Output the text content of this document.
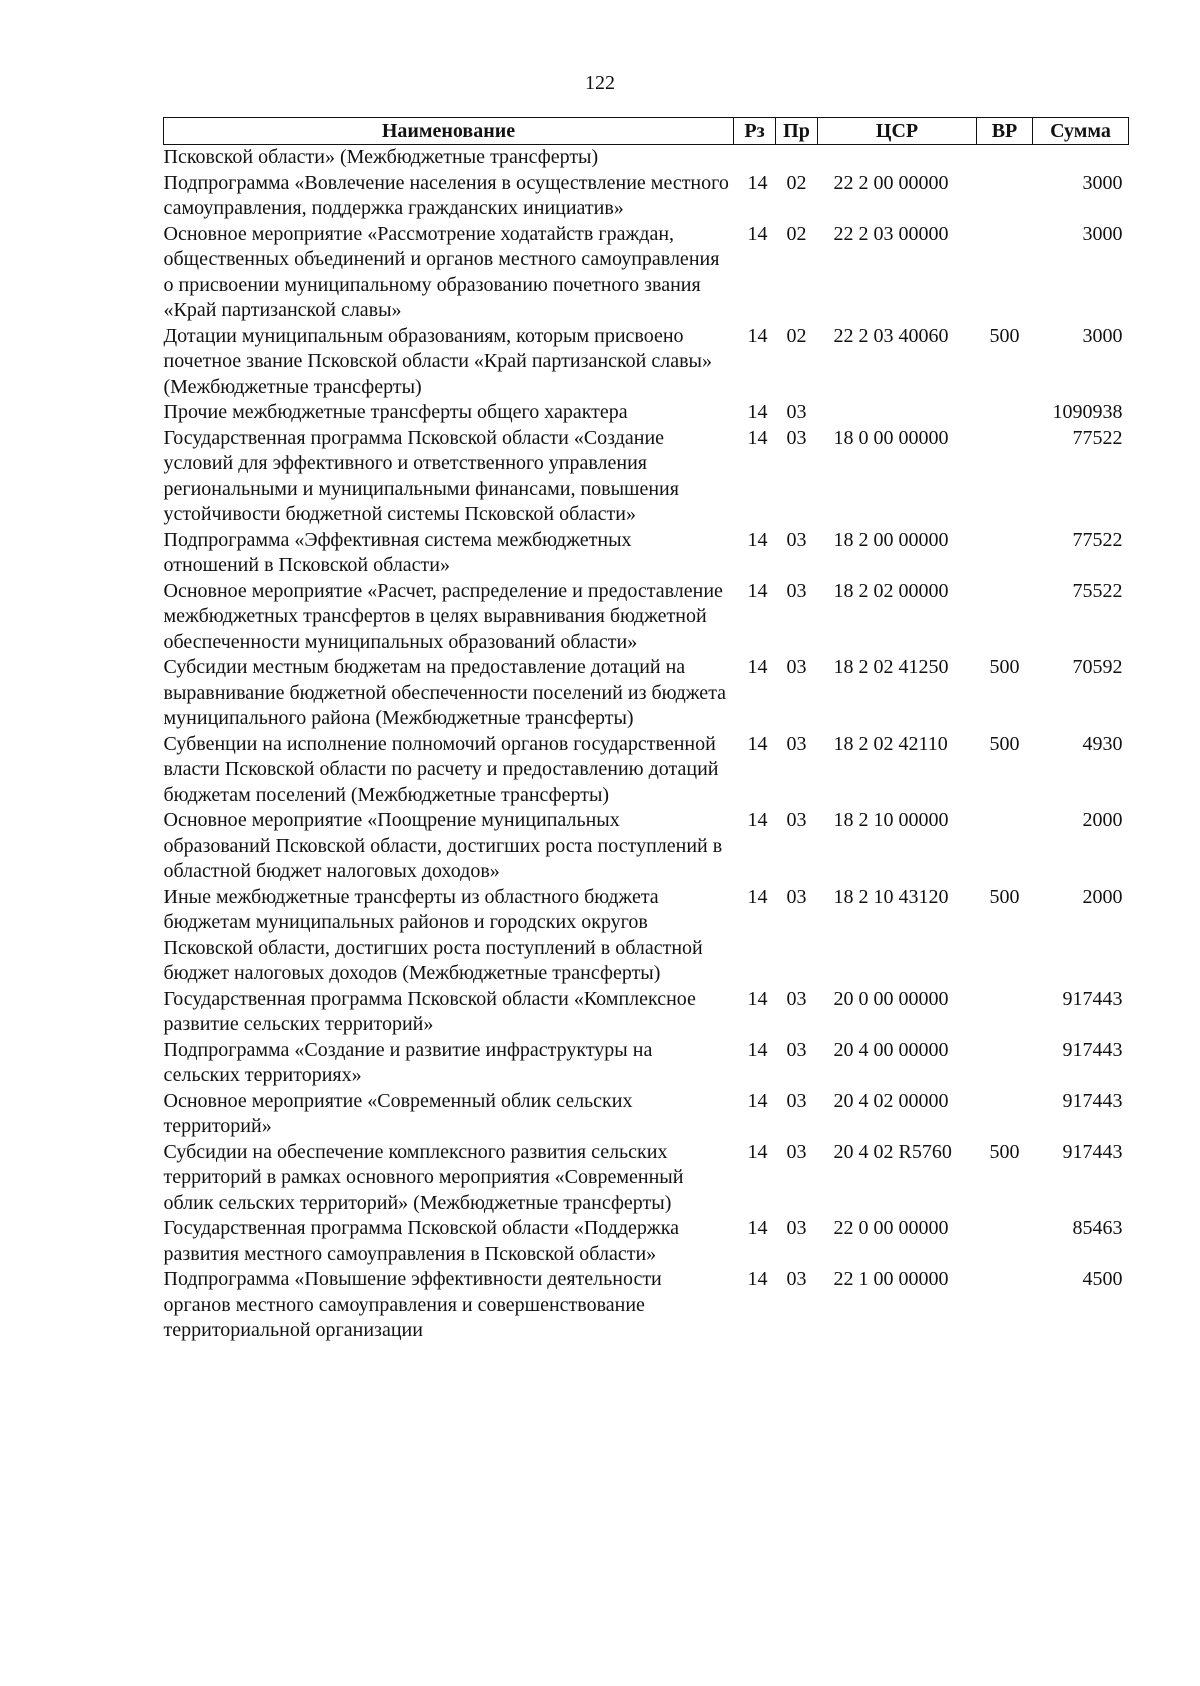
122
Наименование	Рз	Пр	ЦСР	ВР	Сумма
Псковской области» (Межбюджетные трансферты)					
Подпрограмма «Вовлечение населения в осуществление местного самоуправления, поддержка гражданских инициатив»	14	02	22 2 00 00000		3000
Основное мероприятие «Рассмотрение ходатайств граждан, общественных объединений и органов местного самоуправления о присвоении муниципальному образованию почетного звания «Край партизанской славы»	14	02	22 2 03 00000		3000
Дотации муниципальным образованиям, которым присвоено почетное звание Псковской области «Край партизанской славы» (Межбюджетные трансферты)	14	02	22 2 03 40060	500	3000
Прочие межбюджетные трансферты общего характера	14	03			1090938
Государственная программа Псковской области «Создание условий для эффективного и ответственного управления региональными и муниципальными финансами, повышения устойчивости бюджетной системы Псковской области»	14	03	18 0 00 00000		77522
Подпрограмма «Эффективная система межбюджетных отношений в Псковской области»	14	03	18 2 00 00000		77522
Основное мероприятие «Расчет, распределение и предоставление межбюджетных трансфертов в целях выравнивания бюджетной обеспеченности муниципальных образований области»	14	03	18 2 02 00000		75522
Субсидии местным бюджетам на предоставление дотаций на выравнивание бюджетной обеспеченности поселений из бюджета муниципального района (Межбюджетные трансферты)	14	03	18 2 02 41250	500	70592
Субвенции на исполнение полномочий органов государственной власти Псковской области по расчету и предоставлению дотаций бюджетам поселений (Межбюджетные трансферты)	14	03	18 2 02 42110	500	4930
Основное мероприятие «Поощрение муниципальных образований Псковской области, достигших роста поступлений в областной бюджет налоговых доходов»	14	03	18 2 10 00000		2000
Иные межбюджетные трансферты из областного бюджета бюджетам муниципальных районов и городских округов Псковской области, достигших роста поступлений в областной бюджет налоговых доходов (Межбюджетные трансферты)	14	03	18 2 10 43120	500	2000
Государственная программа Псковской области «Комплексное развитие сельских территорий»	14	03	20 0 00 00000		917443
Подпрограмма «Создание и развитие инфраструктуры на сельских территориях»	14	03	20 4 00 00000		917443
Основное мероприятие «Современный облик сельских территорий»	14	03	20 4 02 00000		917443
Субсидии на обеспечение комплексного развития сельских территорий в рамках основного мероприятия «Современный облик сельских территорий» (Межбюджетные трансферты)	14	03	20 4 02 R5760	500	917443
Государственная программа Псковской области «Поддержка развития местного самоуправления в Псковской области»	14	03	22 0 00 00000		85463
Подпрограмма «Повышение эффективности деятельности органов местного самоуправления и совершенствование территориальной организации	14	03	22 1 00 00000		4500
